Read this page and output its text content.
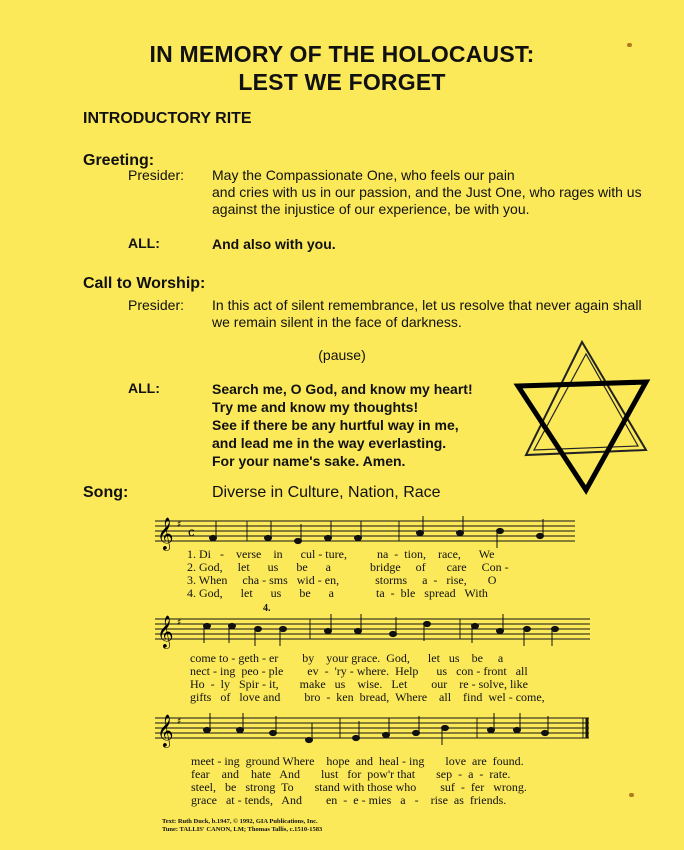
IN MEMORY OF THE HOLOCAUST:
LEST WE FORGET
INTRODUCTORY RITE
Greeting:
Presider: May the Compassionate One, who feels our pain
and cries with us in our passion, and the Just One, who rages with us
against the injustice of our experience, be with you.
ALL:	And also with you.
Call to Worship:
Presider: In this act of silent remembrance, let us resolve that never again shall
we remain silent in the face of darkness.
(pause)
ALL:	Search me, O God, and know my heart!
Try me and know my thoughts!
See if there be any hurtful way in me,
and lead me in the way everlasting.
For your name's sake. Amen.
Song:	Diverse in Culture, Nation, Race
𝄞 ♯ c
1. Di   -    verse    in      cul - ture,          na  -  tion,    race,      We
2. God,     let      us      be      a             bridge     of       care     Con -
3. When     cha - sms   wid - en,            storms     a  -   rise,       O
4. God,      let      us      be      a              ta  -  ble   spread   With
4.
𝄞 ♯
come to - geth - er        by    your grace.  God,      let   us    be     a
nect - ing  peo - ple        ev  -  'ry - where.  Help      us   con - front   all
Ho  -  ly   Spir - it,       make   us    wise.   Let        our    re - solve, like
gifts   of   love and        bro  -  ken  bread,  Where    all    find  wel - come,
𝄞 ♯
meet - ing  ground Where    hope  and  heal - ing       love  are  found.
fear    and    hate   And       lust   for  pow'r that       sep  -  a  -  rate.
steel,   be   strong  To       stand with those who        suf  -  fer   wrong.
grace   at - tends,   And        en  -  e - mies   a   -    rise  as  friends.
Text: Ruth Duck, b.1947, © 1992, GIA Publications, Inc.
Tune: TALLIS' CANON, LM; Thomas Tallis, c.1510-1583
